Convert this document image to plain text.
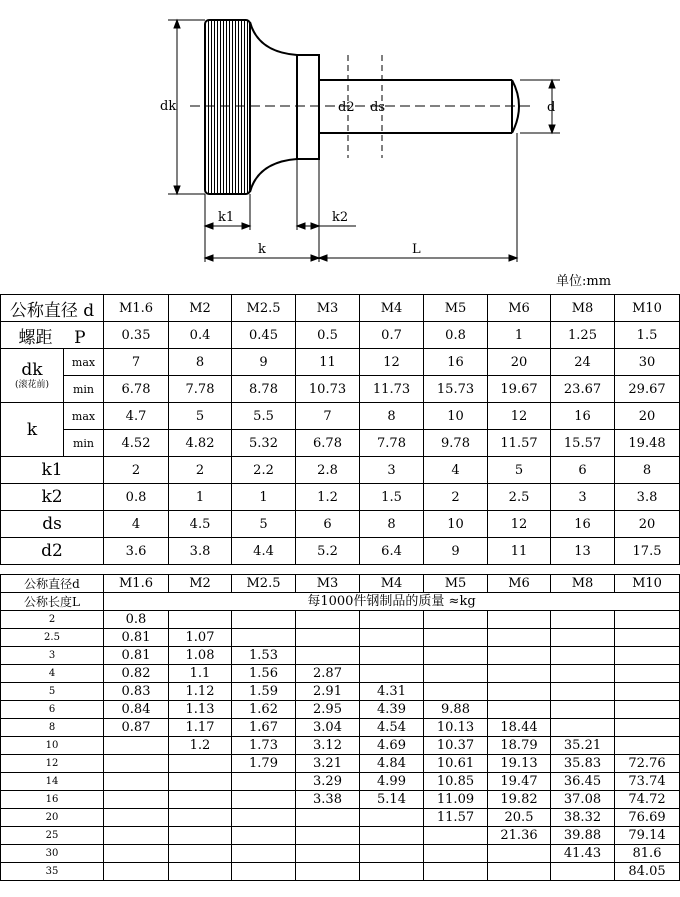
dk	d2 ds	d
k1	k2
k	L
单位:mm
公称直径 d		M1.6	M2	M2.5	M3	M4	M5	M6	M8	M10
螺距 P		0.35	0.4	0.45	0.5	0.7	0.8	1	1.25	1.5

dk
(滚花前)	max	7	8	9	11	12	16	20	24	30
	min	6.78	7.78	8.78	10.73	11.73	15.73	19.67	23.67	29.67
k	max	4.7	5	5.5	7	8	10	12	16	20
	min	4.52	4.82	5.32	6.78	7.78	9.78	11.57	15.57	19.48
k1		2	2	2.2	2.8	3	4	5	6	8
k2		0.8	1	1	1.2	1.5	2	2.5	3	3.8
ds		4	4.5	5	6	8	10	12	16	20
d2		3.6	3.8	4.4	5.2	6.4	9	11	13	17.5
公称直径d	M1.6	M2	M2.5	M3	M4	M5	M6	M8	M10
公称长度L	每1000件钢制品的质量 ≈kg								
2	0.8								
2.5	0.81	1.07							
3	0.81	1.08	1.53						
4	0.82	1.1	1.56	2.87					
5	0.83	1.12	1.59	2.91	4.31				
6	0.84	1.13	1.62	2.95	4.39	9.88			
8	0.87	1.17	1.67	3.04	4.54	10.13	18.44		
10		1.2	1.73	3.12	4.69	10.37	18.79	35.21	
12			1.79	3.21	4.84	10.61	19.13	35.83	72.76
14				3.29	4.99	10.85	19.47	36.45	73.74
16				3.38	5.14	11.09	19.82	37.08	74.72
20						11.57	20.5	38.32	76.69
25							21.36	39.88	79.14
30								41.43	81.6
35									84.05
